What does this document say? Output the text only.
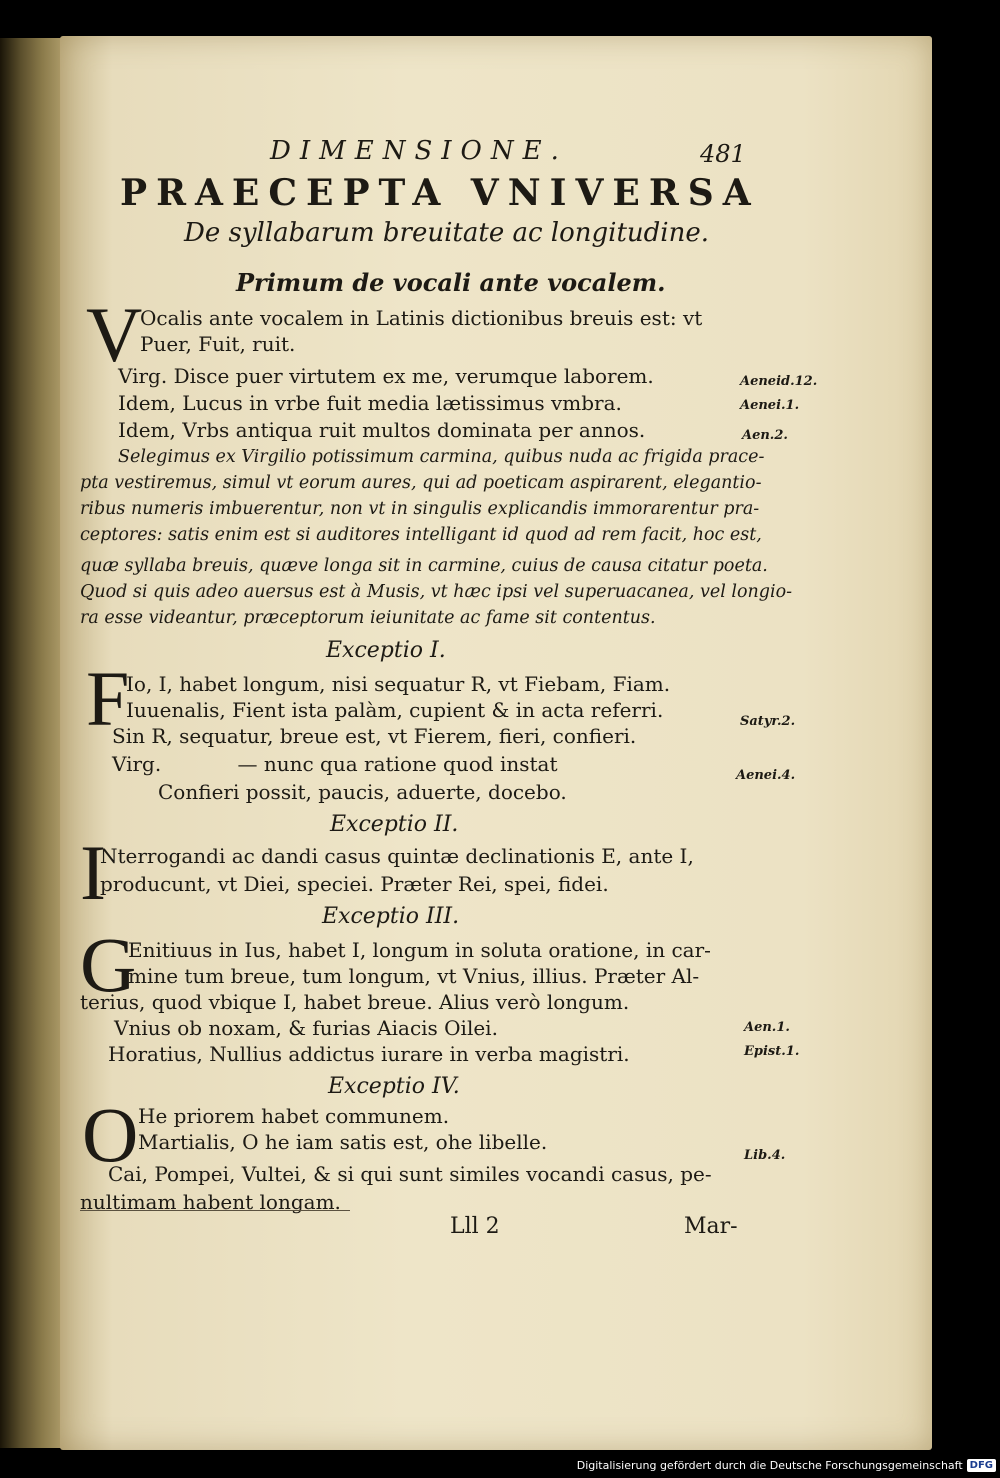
DIMENSIONE.	481
PRAECEPTA VNIVERSA
De syllabarum breuitate ac longitudine.
Primum de vocali ante vocalem.
V
Ocalis ante vocalem in Latinis dictionibus breuis est: vt
Puer, Fuit, ruit.
Virg. Disce puer virtutem ex me, verumque laborem.
Idem, Lucus in vrbe fuit media lætissimus vmbra.
Idem, Vrbs antiqua ruit multos dominata per annos.
Selegimus ex Virgilio potissimum carmina, quibus nuda ac frigida prace-
pta vestiremus, simul vt eorum aures, qui ad poeticam aspirarent, elegantio-
ribus numeris imbuerentur, non vt in singulis explicandis immorarentur pra-
ceptores: satis enim est si auditores intelligant id quod ad rem facit, hoc est,
quæ syllaba breuis, quæve longa sit in carmine, cuius de causa citatur poeta.
Quod si quis adeo auersus est à Musis, vt hæc ipsi vel superuacanea, vel longio-
ra esse videantur, præceptorum ieiunitate ac fame sit contentus.
Exceptio I.
F
Io, I, habet longum, nisi sequatur R, vt Fiebam, Fiam.
Iuuenalis, Fient ista palàm, cupient & in acta referri.
Sin R, sequatur, breue est, vt Fierem, fieri, confieri.
Virg.            — nunc qua ratione quod instat
Confieri possit, paucis, aduerte, docebo.
Exceptio II.
I
Nterrogandi ac dandi casus quintæ declinationis E, ante I,
producunt, vt Diei, speciei. Præter Rei, spei, fidei.
Exceptio III.
G
Enitiuus in Ius, habet I, longum in soluta oratione, in car-
mine tum breue, tum longum, vt Vnius, illius. Præter Al-
terius, quod vbique I, habet breue. Alius verò longum.
Vnius ob noxam, & furias Aiacis Oilei.
Horatius, Nullius addictus iurare in verba magistri.
Exceptio IV.
O He priorem habet communem.
Martialis, O he iam satis est, ohe libelle.
Cai, Pompei, Vultei, & si qui sunt similes vocandi casus, pe-
nultimam habent longam.
Aeneid.12.
Aenei.1.
Aen.2.
Satyr.2.
Aenei.4.
Aen.1.
Epist.1.
Lib.4.
Lll 2	Mar-
Digitalisierung gefördert durch die Deutsche Forschungsgemeinschaft DFG
